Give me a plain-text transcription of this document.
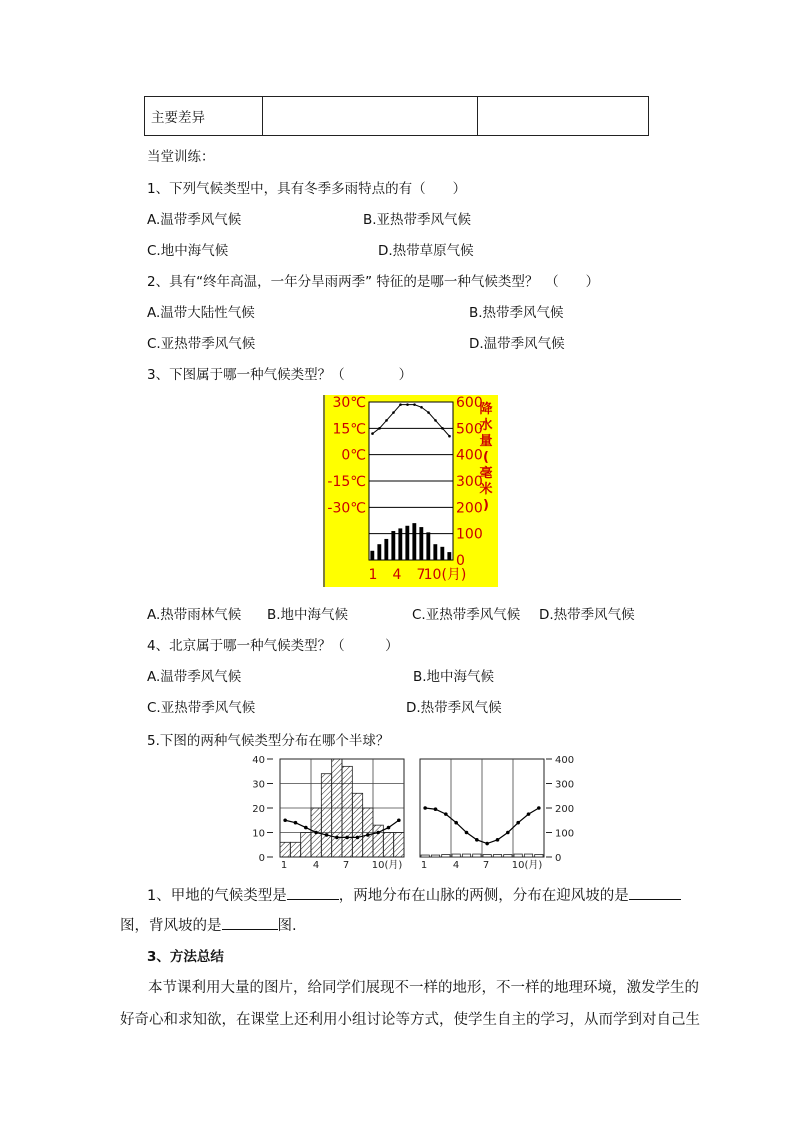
主要差异		
当堂训练：
1、下列气候类型中，具有冬季多雨特点的有（　　）
A.温带季风气候	B.亚热带季风气候
C.地中海气候	D.热带草原气候
2、具有“终年高温，一年分旱雨两季” 特征的是哪一种气候类型？　（　　）
A.温带大陆性气候	B.热带季风气候
C.亚热带季风气候	D.温带季风气候
3、下图属于哪一种气候类型？（　　　　）
600
500
400
300
200
100
0
30℃
15℃
0℃
-15℃
-30℃
降
水
量
(
毫
米
)
1 4 7
10(月)
A.热带雨林气候 B.地中海气候	C.亚热带季风气候 D.热带季风气候
4、北京属于哪一种气候类型？（　　　）
A.温带季风气候	B.地中海气候
C.亚热带季风气候	D.热带季风气候
5.下图的两种气候类型分布在哪个半球？
40
30
20
10
0
1	4 7 10(月)
400
300
200
100
0
1	4 7 10(月)
1、甲地的气候类型是	，两地分布在山脉的两侧，分布在迎风坡的是
图，背风坡的是	图.
3、方法总结
本节课利用大量的图片，给同学们展现不一样的地形，不一样的地理环境，激发学生的
好奇心和求知欲，在课堂上还利用小组讨论等方式，使学生自主的学习，从而学到对自己生
